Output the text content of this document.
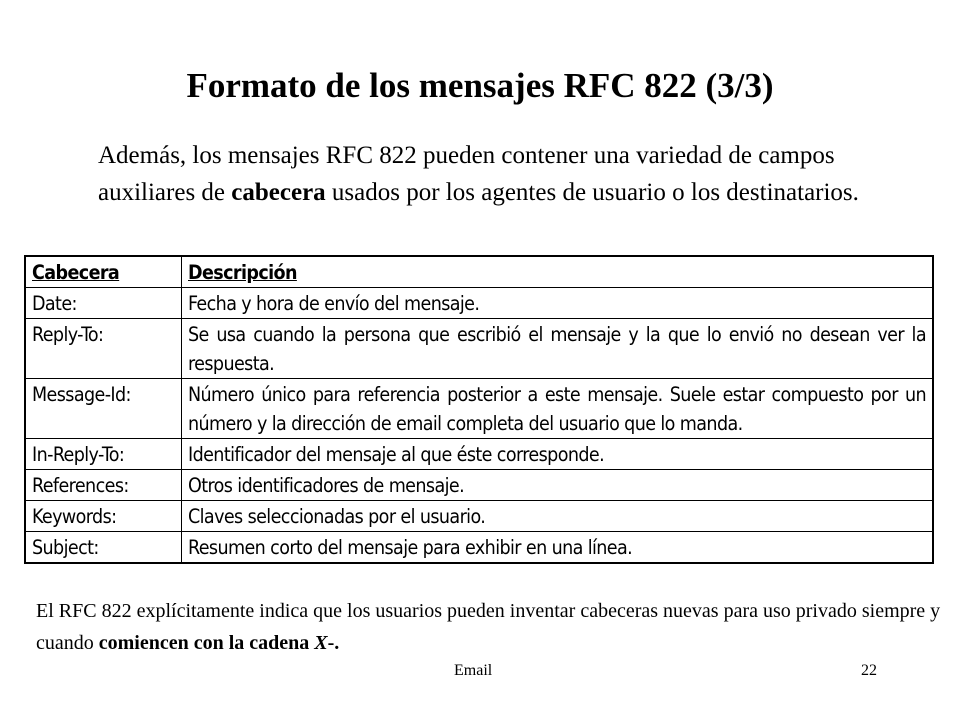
Formato de los mensajes RFC 822 (3/3)
Además, los mensajes RFC 822 pueden contener una variedad de campos auxiliares de cabecera usados por los agentes de usuario o los destinatarios.
Cabecera	Descripción
Date:	Fecha y hora de envío del mensaje.
Reply-To:	Se usa cuando la persona que escribió el mensaje y la que lo envió no desean ver la respuesta.
Message-Id:	Número único para referencia posterior a este mensaje. Suele estar compuesto por un número y la dirección de email completa del usuario que lo manda.
In-Reply-To:	Identificador del mensaje al que éste corresponde.
References:	Otros identificadores de mensaje.
Keywords:	Claves seleccionadas por el usuario.
Subject:	Resumen corto del mensaje para exhibir en una línea.
El RFC 822 explícitamente indica que los usuarios pueden inventar cabeceras nuevas para uso privado siempre y cuando comiencen con la cadena X-.
Email	22
